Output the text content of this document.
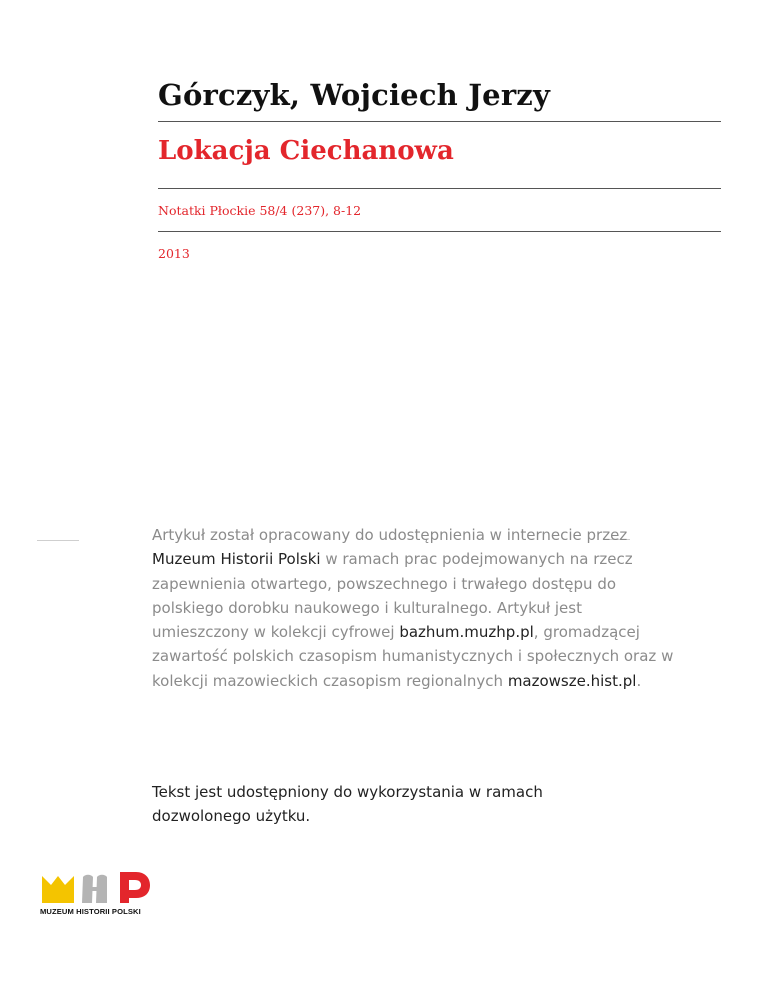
Górczyk, Wojciech Jerzy
Lokacja Ciechanowa
Notatki Płockie 58/4 (237), 8-12
2013

Artykuł został opracowany do udostępnienia w internecie przez Muzeum Historii Polski w ramach prac podejmowanych na rzecz zapewnienia otwartego, powszechnego i trwałego dostępu do polskiego dorobku naukowego i kulturalnego. Artykuł jest umieszczony w kolekcji cyfrowej bazhum.muzhp.pl, gromadzącej zawartość polskich czasopism humanistycznych i społecznych oraz w kolekcji mazowieckich czasopism regionalnych mazowsze.hist.pl.

Tekst jest udostępniony do wykorzystania w ramach dozwolonego użytku.

MUZEUM HISTORII POLSKI
